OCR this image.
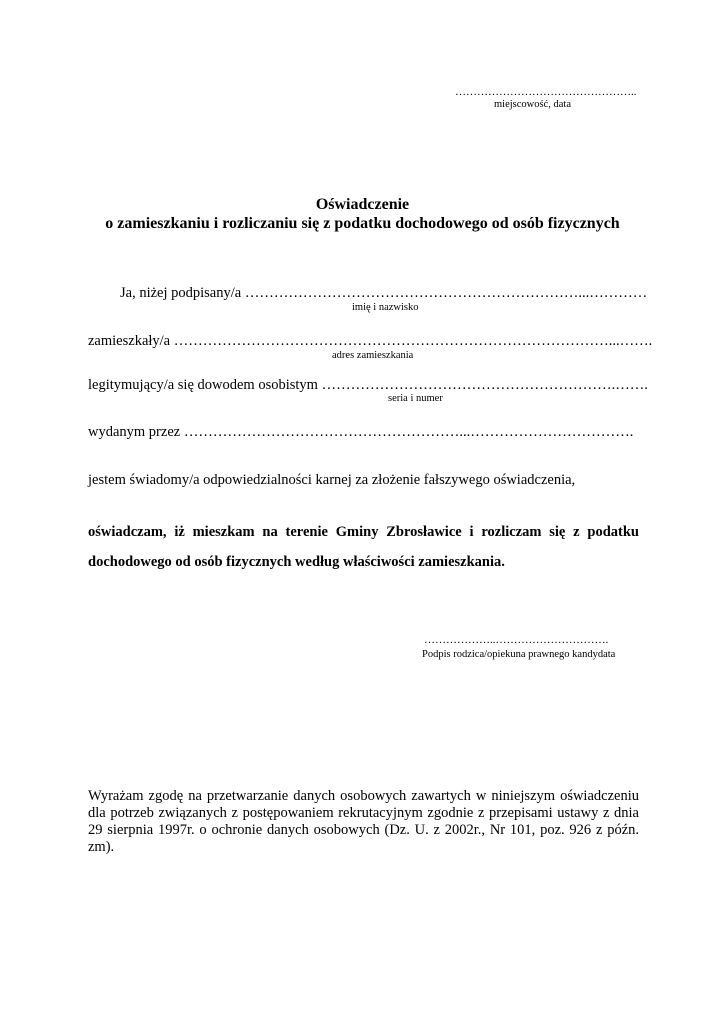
…………………………………………..
miejscowość, data
Oświadczenie
o zamieszkaniu i rozliczaniu się z podatku dochodowego od osób fizycznych
Ja, niżej podpisany/a ……………………………………………………………...…………
imię i nazwisko
zamieszkały/a ………………………………………………………………………………...…….
adres zamieszkania
legitymujący/a się dowodem osobistym …………………………………………………….…….
seria i numer
wydanym przez …………………………………………………...…………………………….
jestem świadomy/a odpowiedzialności karnej za złożenie fałszywego oświadczenia,
oświadczam, iż mieszkam na terenie Gminy Zbrosławice i rozliczam się z podatku dochodowego od osób fizycznych według właściwości zamieszkania.
………………..………………………….
Podpis rodzica/opiekuna prawnego kandydata
Wyrażam zgodę na przetwarzanie danych osobowych zawartych w niniejszym oświadczeniu dla potrzeb związanych z postępowaniem rekrutacyjnym zgodnie z przepisami ustawy z dnia 29 sierpnia 1997r. o ochronie danych osobowych (Dz. U. z 2002r., Nr 101, poz. 926 z późn. zm).
